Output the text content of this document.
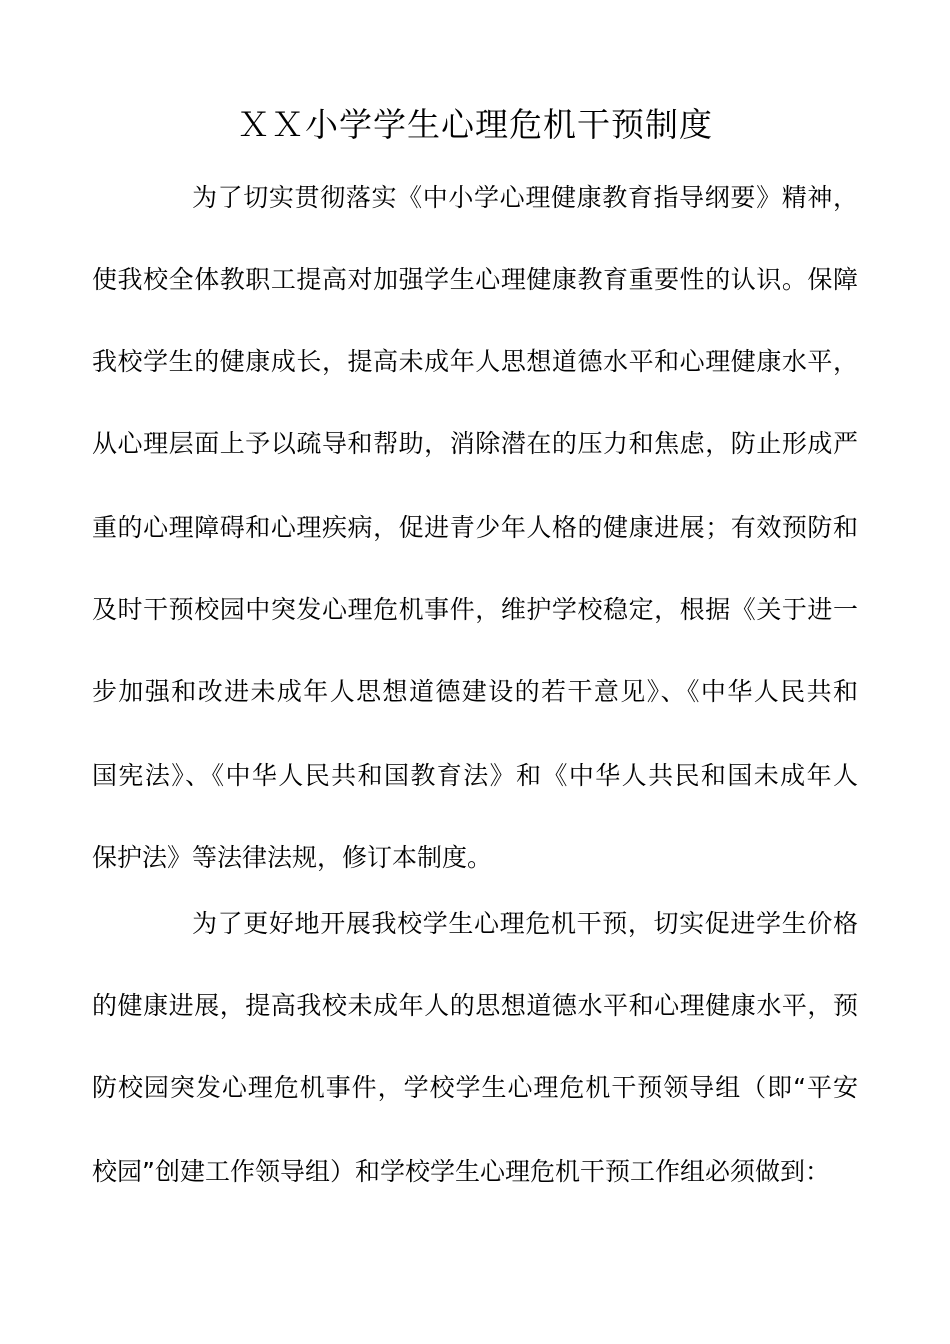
ＸＸ小学学生心理危机干预制度
为了切实贯彻落实《中小学心理健康教育指导纲要》精神，
使我校全体教职工提高对加强学生心理健康教育重要性的认识。保障
我校学生的健康成长，提高未成年人思想道德水平和心理健康水平，
从心理层面上予以疏导和帮助，消除潜在的压力和焦虑，防止形成严
重的心理障碍和心理疾病，促进青少年人格的健康进展；有效预防和
及时干预校园中突发心理危机事件，维护学校稳定，根据《关于进一
步加强和改进未成年人思想道德建设的若干意见》、《中华人民共和
国宪法》、《中华人民共和国教育法》和《中华人共民和国未成年人
保护法》等法律法规，修订本制度。
为了更好地开展我校学生心理危机干预，切实促进学生价格
的健康进展，提高我校未成年人的思想道德水平和心理健康水平，预
防校园突发心理危机事件，学校学生心理危机干预领导组（即“平安
校园”创建工作领导组）和学校学生心理危机干预工作组必须做到：
